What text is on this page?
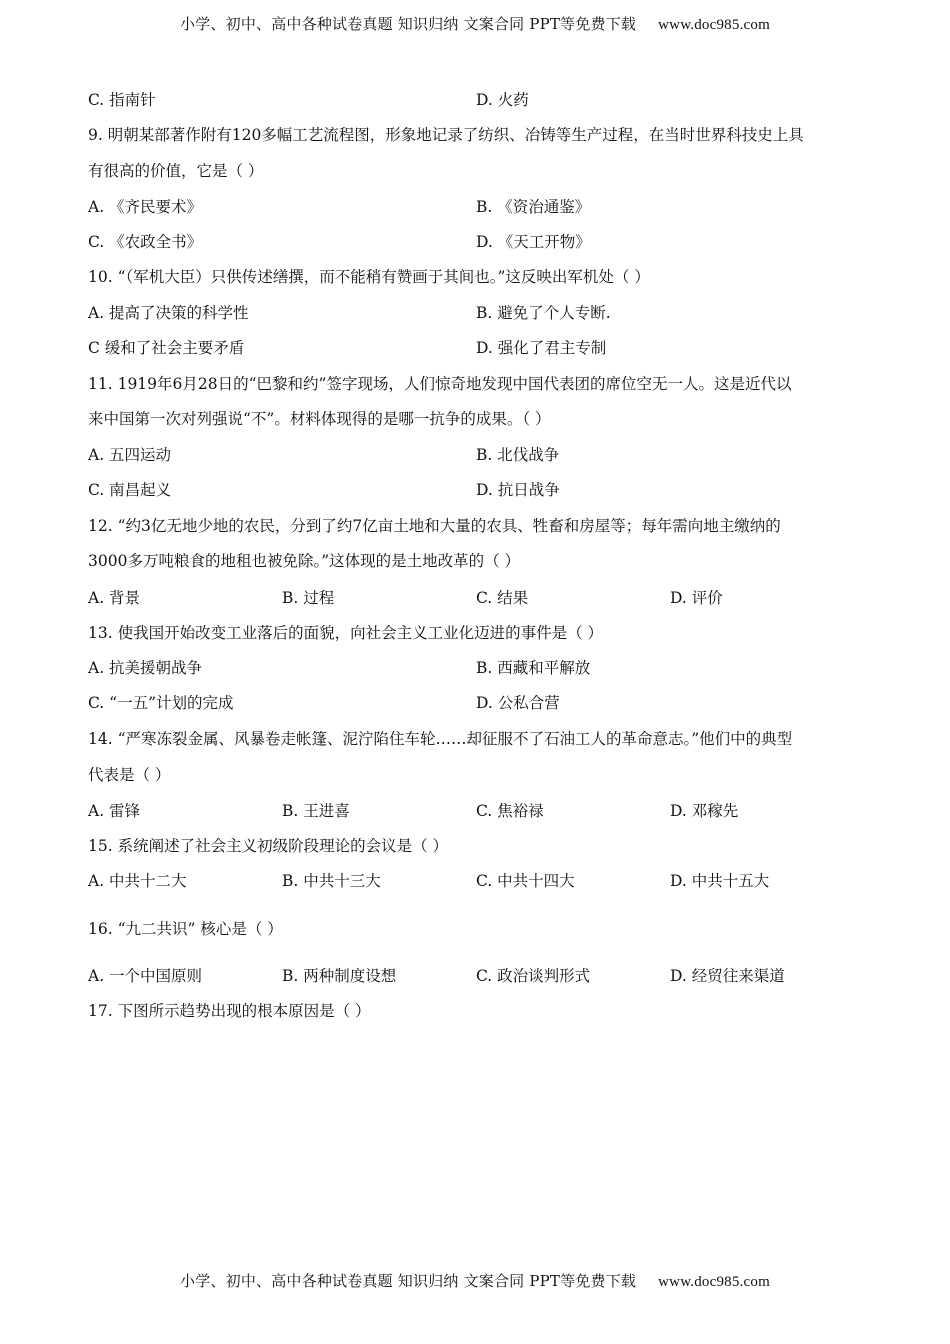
小学、初中、高中各种试卷真题 知识归纳 文案合同 PPT等免费下载 www.doc985.com
C. 指南针	D. 火药
9. 明朝某部著作附有120多幅工艺流程图，形象地记录了纺织、冶铸等生产过程，在当时世界科技史上具
有很高的价值，它是（ ）
A. 《齐民要术》	B. 《资治通鉴》
C. 《农政全书》	D. 《天工开物》
10. “（军机大臣）只供传述缮撰，而不能稍有赞画于其间也。”这反映出军机处（ ）
A. 提高了决策的科学性	B. 避免了个人专断.
C 缓和了社会主要矛盾	D. 强化了君主专制
11. 1919年6月28日的“巴黎和约”签字现场，人们惊奇地发现中国代表团的席位空无一人。这是近代以
来中国第一次对列强说“不”。材料体现得的是哪一抗争的成果。（ ）
A. 五四运动	B. 北伐战争
C. 南昌起义	D. 抗日战争
12. “约3亿无地少地的农民，分到了约7亿亩土地和大量的农具、牲畜和房屋等；每年需向地主缴纳的
3000多万吨粮食的地租也被免除。”这体现的是土地改革的（ ）
A. 背景	B. 过程	C. 结果	D. 评价
13. 使我国开始改变工业落后的面貌，向社会主义工业化迈进的事件是（ ）
A. 抗美援朝战争	B. 西藏和平解放
C. “一五”计划的完成	D. 公私合营
14. “严寒冻裂金属、风暴卷走帐篷、泥泞陷住车轮……却征服不了石油工人的革命意志。”他们中的典型
代表是（ ）
A. 雷锋	B. 王进喜	C. 焦裕禄	D. 邓稼先
15. 系统阐述了社会主义初级阶段理论的会议是（ ）
A. 中共十二大	B. 中共十三大	C. 中共十四大	D. 中共十五大
16. “九二共识” 核心是（ ）
A. 一个中国原则	B. 两种制度设想	C. 政治谈判形式	D. 经贸往来渠道
17. 下图所示趋势出现的根本原因是（ ）
小学、初中、高中各种试卷真题 知识归纳 文案合同 PPT等免费下载 www.doc985.com
